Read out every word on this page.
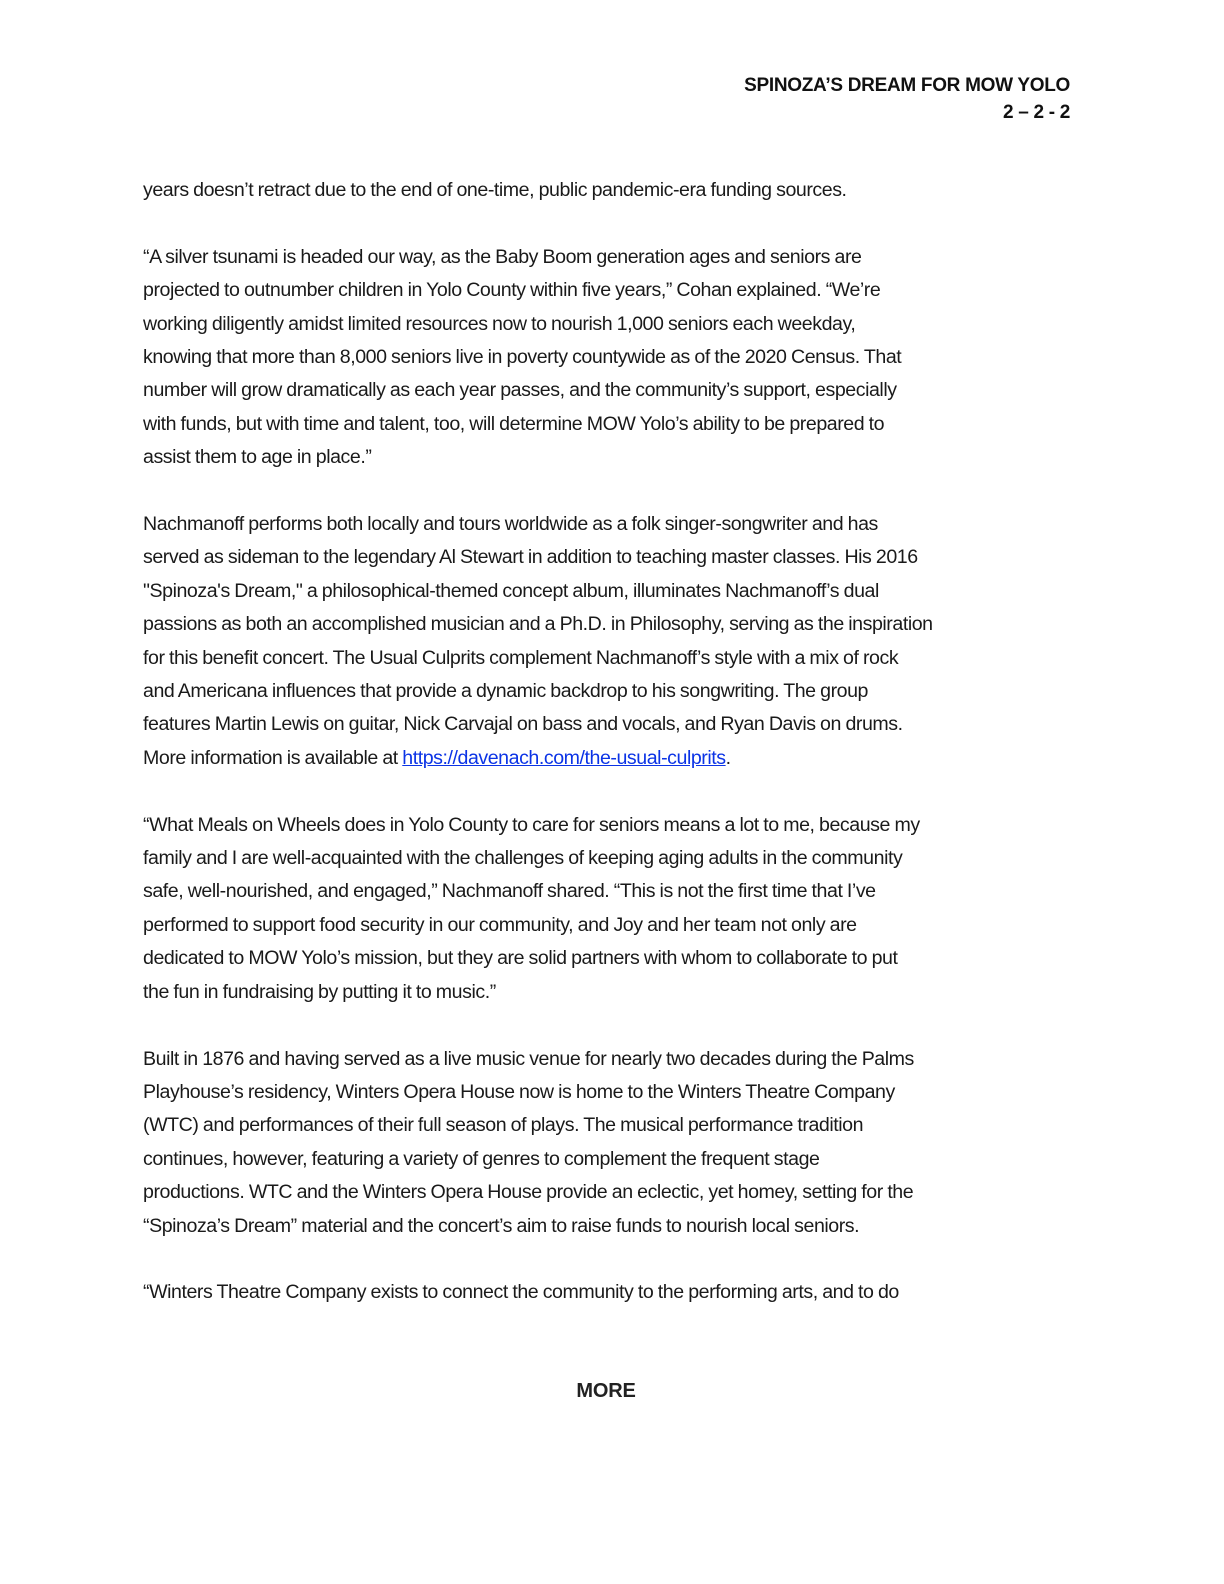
SPINOZA’S DREAM FOR MOW YOLO
2 – 2 - 2

years doesn’t retract due to the end of one-time, public pandemic-era funding sources.

“A silver tsunami is headed our way, as the Baby Boom generation ages and seniors are
projected to outnumber children in Yolo County within five years,” Cohan explained. “We’re
working diligently amidst limited resources now to nourish 1,000 seniors each weekday,
knowing that more than 8,000 seniors live in poverty countywide as of the 2020 Census. That
number will grow dramatically as each year passes, and the community’s support, especially
with funds, but with time and talent, too, will determine MOW Yolo’s ability to be prepared to
assist them to age in place.”

Nachmanoff performs both locally and tours worldwide as a folk singer-songwriter and has
served as sideman to the legendary Al Stewart in addition to teaching master classes. His 2016
"Spinoza's Dream," a philosophical-themed concept album, illuminates Nachmanoff’s dual
passions as both an accomplished musician and a Ph.D. in Philosophy, serving as the inspiration
for this benefit concert. The Usual Culprits complement Nachmanoff’s style with a mix of rock
and Americana influences that provide a dynamic backdrop to his songwriting. The group
features Martin Lewis on guitar, Nick Carvajal on bass and vocals, and Ryan Davis on drums.
More information is available at https://davenach.com/the-usual-culprits.

“What Meals on Wheels does in Yolo County to care for seniors means a lot to me, because my
family and I are well-acquainted with the challenges of keeping aging adults in the community
safe, well-nourished, and engaged,” Nachmanoff shared. “This is not the first time that I’ve
performed to support food security in our community, and Joy and her team not only are
dedicated to MOW Yolo’s mission, but they are solid partners with whom to collaborate to put
the fun in fundraising by putting it to music.”

Built in 1876 and having served as a live music venue for nearly two decades during the Palms
Playhouse’s residency, Winters Opera House now is home to the Winters Theatre Company
(WTC) and performances of their full season of plays. The musical performance tradition
continues, however, featuring a variety of genres to complement the frequent stage
productions. WTC and the Winters Opera House provide an eclectic, yet homey, setting for the
“Spinoza’s Dream” material and the concert’s aim to raise funds to nourish local seniors.

“Winters Theatre Company exists to connect the community to the performing arts, and to do

MORE
